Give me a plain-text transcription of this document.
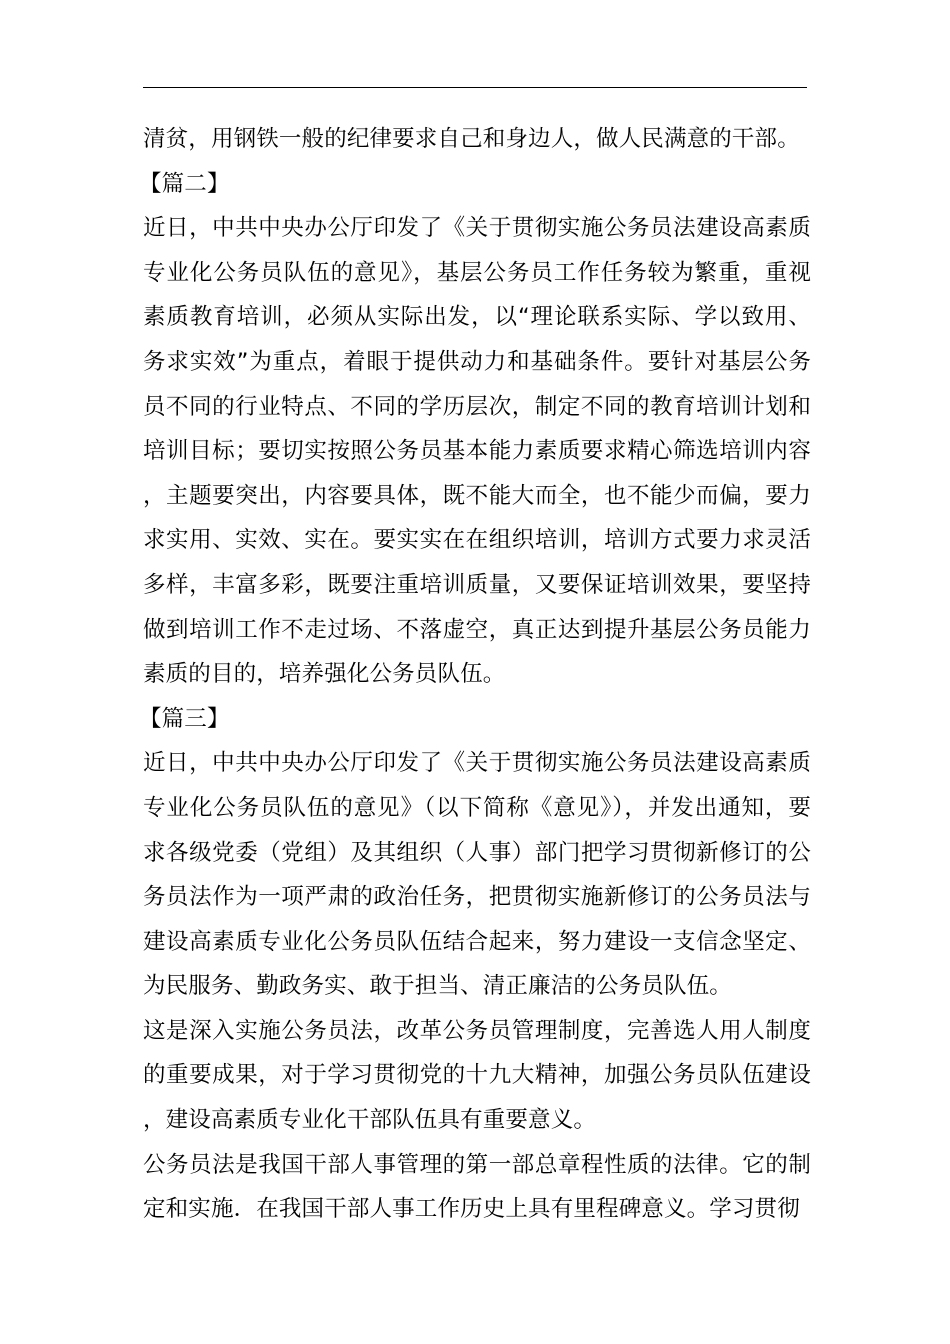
清贫，用钢铁一般的纪律要求自己和身边人，做人民满意的干部。

【篇二】

近日，中共中央办公厅印发了《关于贯彻实施公务员法建设高素质专业化公务员队伍的意见》，基层公务员工作任务较为繁重，重视素质教育培训，必须从实际出发，以“理论联系实际、学以致用、务求实效”为重点，着眼于提供动力和基础条件。要针对基层公务员不同的行业特点、不同的学历层次，制定不同的教育培训计划和培训目标；要切实按照公务员基本能力素质要求精心筛选培训内容，主题要突出，内容要具体，既不能大而全，也不能少而偏，要力求实用、实效、实在。要实实在在组织培训，培训方式要力求灵活多样，丰富多彩，既要注重培训质量，又要保证培训效果，要坚持做到培训工作不走过场、不落虚空，真正达到提升基层公务员能力素质的目的，培养强化公务员队伍。

【篇三】

近日，中共中央办公厅印发了《关于贯彻实施公务员法建设高素质专业化公务员队伍的意见》（以下简称《意见》），并发出通知，要求各级党委（党组）及其组织（人事）部门把学习贯彻新修订的公务员法作为一项严肃的政治任务，把贯彻实施新修订的公务员法与建设高素质专业化公务员队伍结合起来，努力建设一支信念坚定、为民服务、勤政务实、敢于担当、清正廉洁的公务员队伍。

这是深入实施公务员法，改革公务员管理制度，完善选人用人制度的重要成果，对于学习贯彻党的十九大精神，加强公务员队伍建设，建设高素质专业化干部队伍具有重要意义。

公务员法是我国干部人事管理的第一部总章程性质的法律。它的制定和实施．在我国干部人事工作历史上具有里程碑意义。学习贯彻
